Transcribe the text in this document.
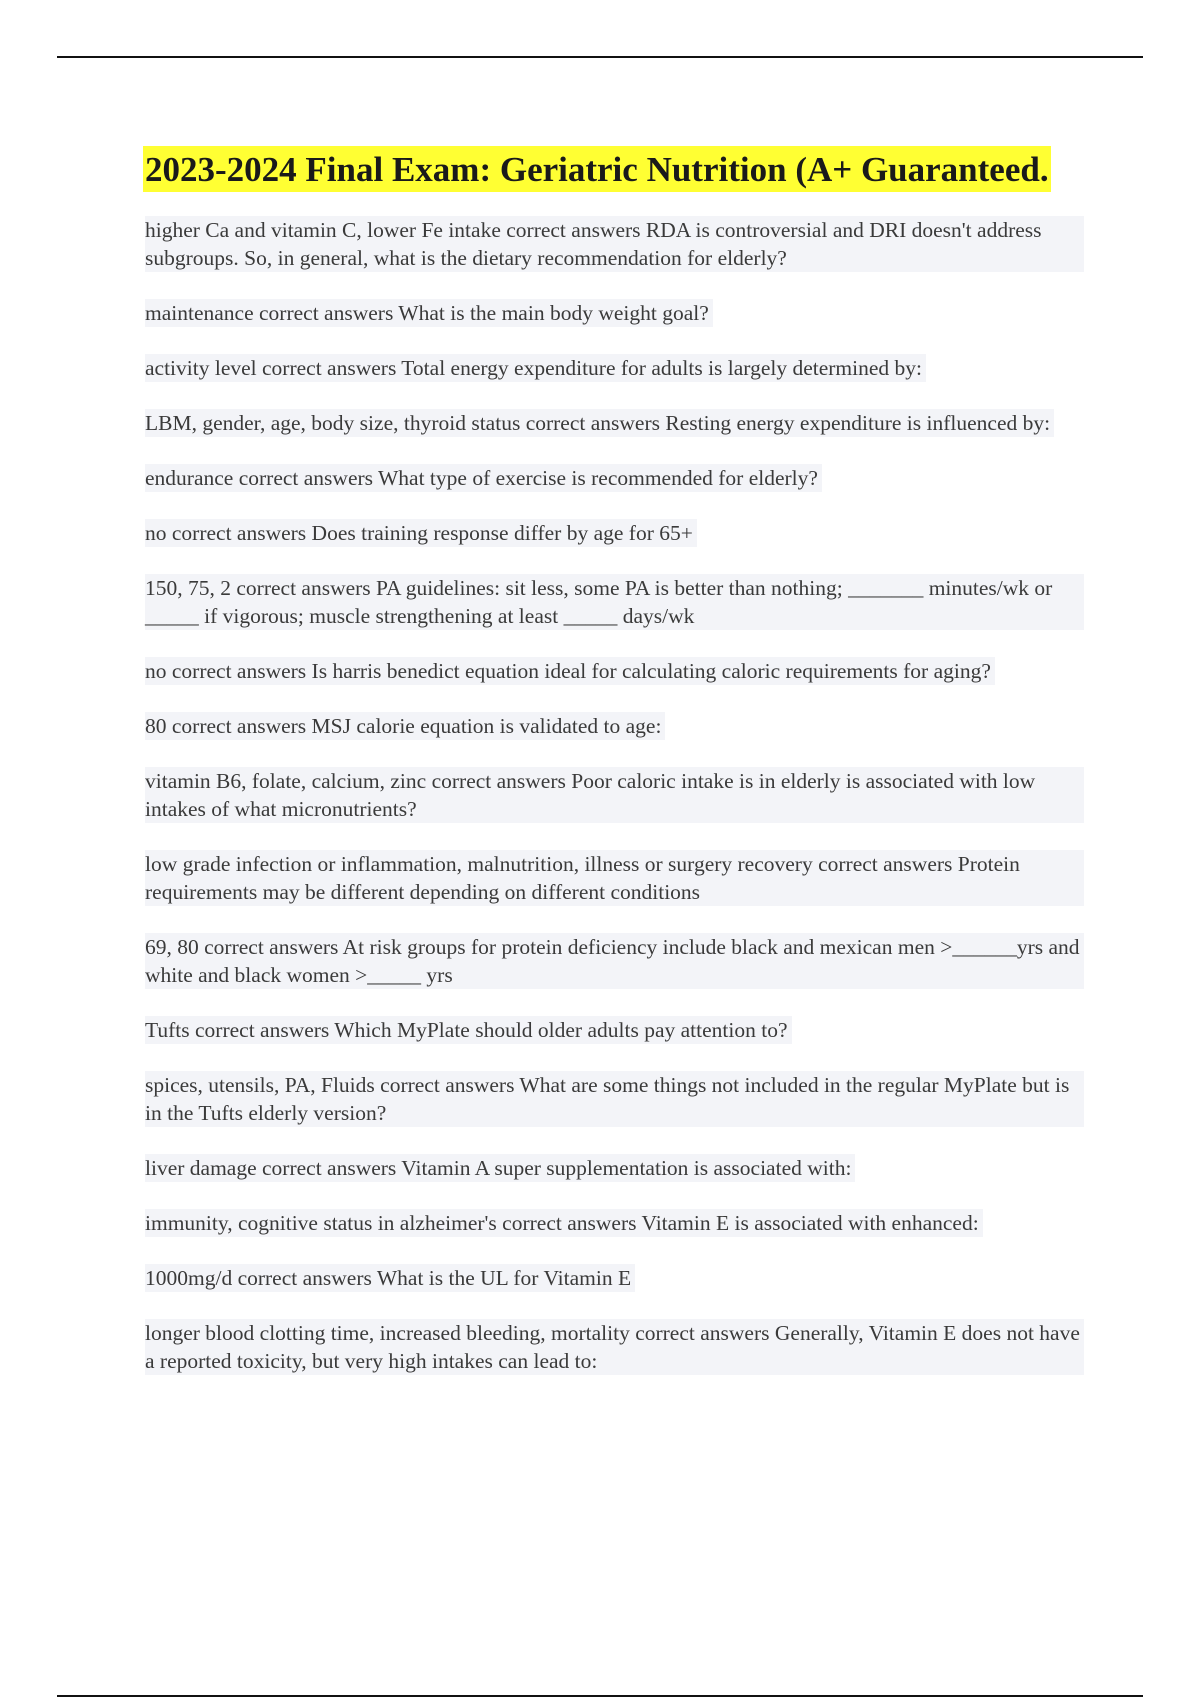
2023-2024 Final Exam: Geriatric Nutrition (A+ Guaranteed.

higher Ca and vitamin C, lower Fe intake correct answers RDA is controversial and DRI doesn't address subgroups. So, in general, what is the dietary recommendation for elderly?

maintenance correct answers What is the main body weight goal?

activity level correct answers Total energy expenditure for adults is largely determined by:

LBM, gender, age, body size, thyroid status correct answers Resting energy expenditure is influenced by:

endurance correct answers What type of exercise is recommended for elderly?

no correct answers Does training response differ by age for 65+

150, 75, 2 correct answers PA guidelines: sit less, some PA is better than nothing; _______ minutes/wk or _____ if vigorous; muscle strengthening at least _____ days/wk

no correct answers Is harris benedict equation ideal for calculating caloric requirements for aging?

80 correct answers MSJ calorie equation is validated to age:

vitamin B6, folate, calcium, zinc correct answers Poor caloric intake is in elderly is associated with low intakes of what micronutrients?

low grade infection or inflammation, malnutrition, illness or surgery recovery correct answers Protein requirements may be different depending on different conditions

69, 80 correct answers At risk groups for protein deficiency include black and mexican men >______yrs and white and black women >_____ yrs

Tufts correct answers Which MyPlate should older adults pay attention to?

spices, utensils, PA, Fluids correct answers What are some things not included in the regular MyPlate but is in the Tufts elderly version?

liver damage correct answers Vitamin A super supplementation is associated with:

immunity, cognitive status in alzheimer's correct answers Vitamin E is associated with enhanced:

1000mg/d correct answers What is the UL for Vitamin E

longer blood clotting time, increased bleeding, mortality correct answers Generally, Vitamin E does not have a reported toxicity, but very high intakes can lead to:
